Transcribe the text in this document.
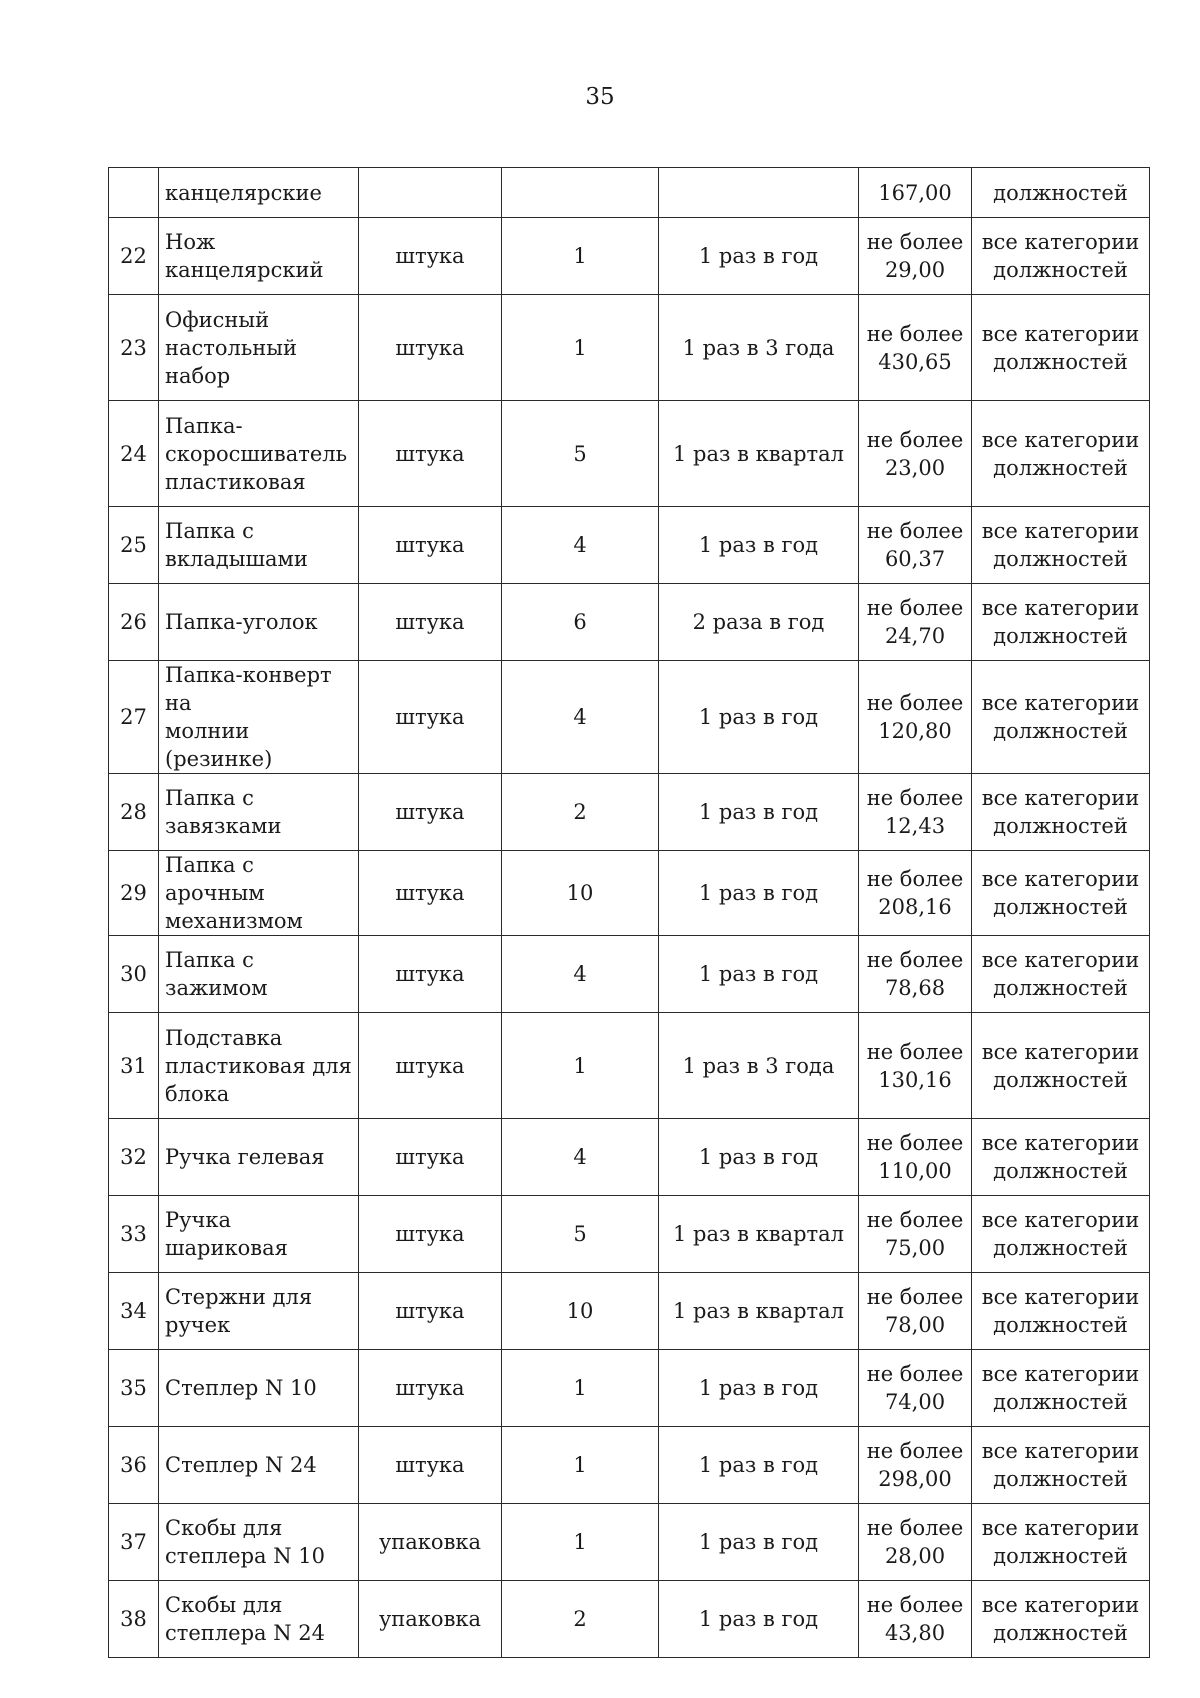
35
	канцелярские				167,00	должностей
22	Нож
канцелярский	штука	1	1 раз в год	не более
29,00	все категории
должностей

23	Офисный
настольный
набор	штука	1	1 раз в 3 года	не более
430,65	все категории
должностей

24	Папка-
скоросшиватель
пластиковая	штука	5	1 раз в квартал	не более
23,00	все категории
должностей

25	Папка с
вкладышами	штука	4	1 раз в год	не более
60,37	все категории
должностей

26	Папка-уголок	штука	6	2 раза в год	не более
24,70	все категории
должностей

27	Папка-конверт на
молнии (резинке)	штука	4	1 раз в год	не более
120,80	все категории
должностей

28	Папка с
завязками	штука	2	1 раз в год	не более
12,43	все категории
должностей

29	Папка с арочным
механизмом	штука	10	1 раз в год	не более
208,16	все категории
должностей

30	Папка с зажимом	штука	4	1 раз в год	не более
78,68	все категории
должностей

31	Подставка
пластиковая для
блока	штука	1	1 раз в 3 года	не более
130,16	все категории
должностей

32	Ручка гелевая	штука	4	1 раз в год	не более
110,00	все категории
должностей

33	Ручка шариковая	штука	5	1 раз в квартал	не более
75,00	все категории
должностей

34	Стержни для
ручек	штука	10	1 раз в квартал	не более
78,00	все категории
должностей

35	Степлер N 10	штука	1	1 раз в год	не более
74,00	все категории
должностей

36	Степлер N 24	штука	1	1 раз в год	не более
298,00	все категории
должностей

37	Скобы для
степлера N 10	упаковка	1	1 раз в год	не более
28,00	все категории
должностей

38	Скобы для
степлера N 24	упаковка	2	1 раз в год	не более
43,80	все категории
должностей
